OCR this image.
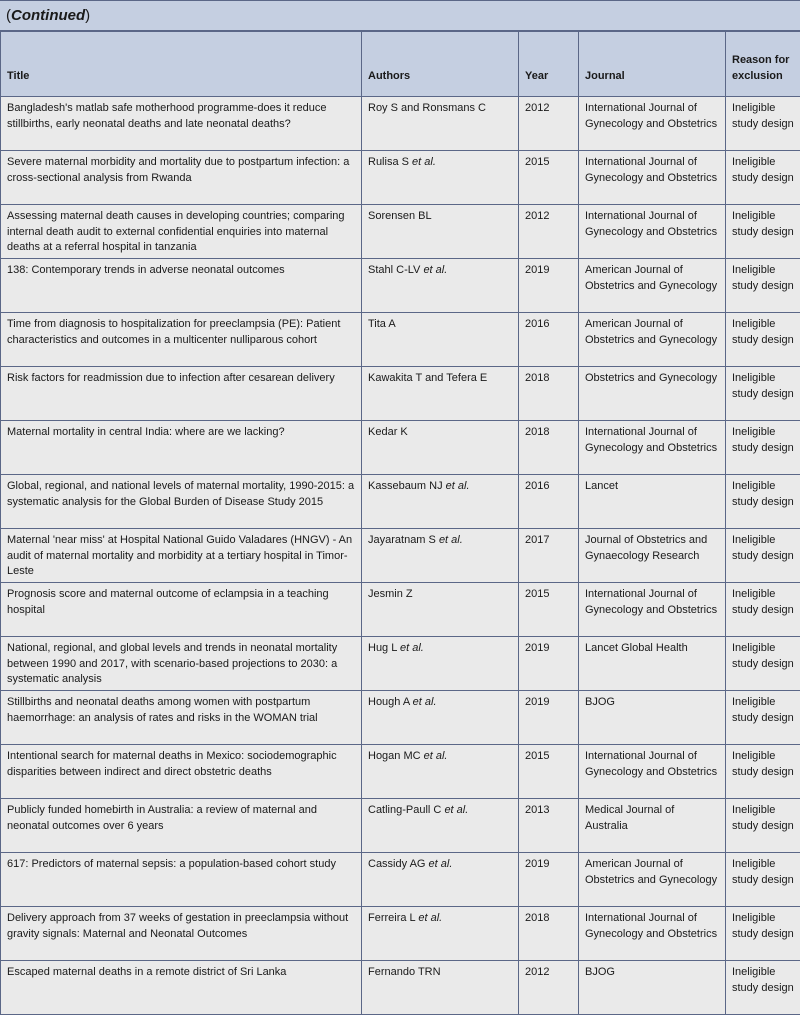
(Continued)
Title	Authors	Year	Journal	Reason for exclusion
Bangladesh's matlab safe motherhood programme-does it reduce stillbirths, early neonatal deaths and late neonatal deaths?	Roy S and Ronsmans C	2012	International Journal of Gynecology and Obstetrics	Ineligible study design
Severe maternal morbidity and mortality due to postpartum infection: a cross-sectional analysis from Rwanda	Rulisa S et al.	2015	International Journal of Gynecology and Obstetrics	Ineligible study design
Assessing maternal death causes in developing countries; comparing internal death audit to external confidential enquiries into maternal deaths at a referral hospital in tanzania	Sorensen BL	2012	International Journal of Gynecology and Obstetrics	Ineligible study design
138: Contemporary trends in adverse neonatal outcomes	Stahl C-LV et al.	2019	American Journal of Obstetrics and Gynecology	Ineligible study design
Time from diagnosis to hospitalization for preeclampsia (PE): Patient characteristics and outcomes in a multicenter nulliparous cohort	Tita A	2016	American Journal of Obstetrics and Gynecology	Ineligible study design
Risk factors for readmission due to infection after cesarean delivery	Kawakita T and Tefera E	2018	Obstetrics and Gynecology	Ineligible study design
Maternal mortality in central India: where are we lacking?	Kedar K	2018	International Journal of Gynecology and Obstetrics	Ineligible study design
Global, regional, and national levels of maternal mortality, 1990-2015: a systematic analysis for the Global Burden of Disease Study 2015	Kassebaum NJ et al.	2016	Lancet	Ineligible study design
Maternal 'near miss' at Hospital National Guido Valadares (HNGV) - An audit of maternal mortality and morbidity at a tertiary hospital in Timor-Leste	Jayaratnam S et al.	2017	Journal of Obstetrics and Gynaecology Research	Ineligible study design
Prognosis score and maternal outcome of eclampsia in a teaching hospital	Jesmin Z	2015	International Journal of Gynecology and Obstetrics	Ineligible study design
National, regional, and global levels and trends in neonatal mortality between 1990 and 2017, with scenario-based projections to 2030: a systematic analysis	Hug L et al.	2019	Lancet Global Health	Ineligible study design
Stillbirths and neonatal deaths among women with postpartum haemorrhage: an analysis of rates and risks in the WOMAN trial	Hough A et al.	2019	BJOG	Ineligible study design
Intentional search for maternal deaths in Mexico: sociodemographic disparities between indirect and direct obstetric deaths	Hogan MC et al.	2015	International Journal of Gynecology and Obstetrics	Ineligible study design
Publicly funded homebirth in Australia: a review of maternal and neonatal outcomes over 6 years	Catling-Paull C et al.	2013	Medical Journal of Australia	Ineligible study design
617: Predictors of maternal sepsis: a population-based cohort study	Cassidy AG et al.	2019	American Journal of Obstetrics and Gynecology	Ineligible study design
Delivery approach from 37 weeks of gestation in preeclampsia without gravity signals: Maternal and Neonatal Outcomes	Ferreira L et al.	2018	International Journal of Gynecology and Obstetrics	Ineligible study design
Escaped maternal deaths in a remote district of Sri Lanka	Fernando TRN	2012	BJOG	Ineligible study design
